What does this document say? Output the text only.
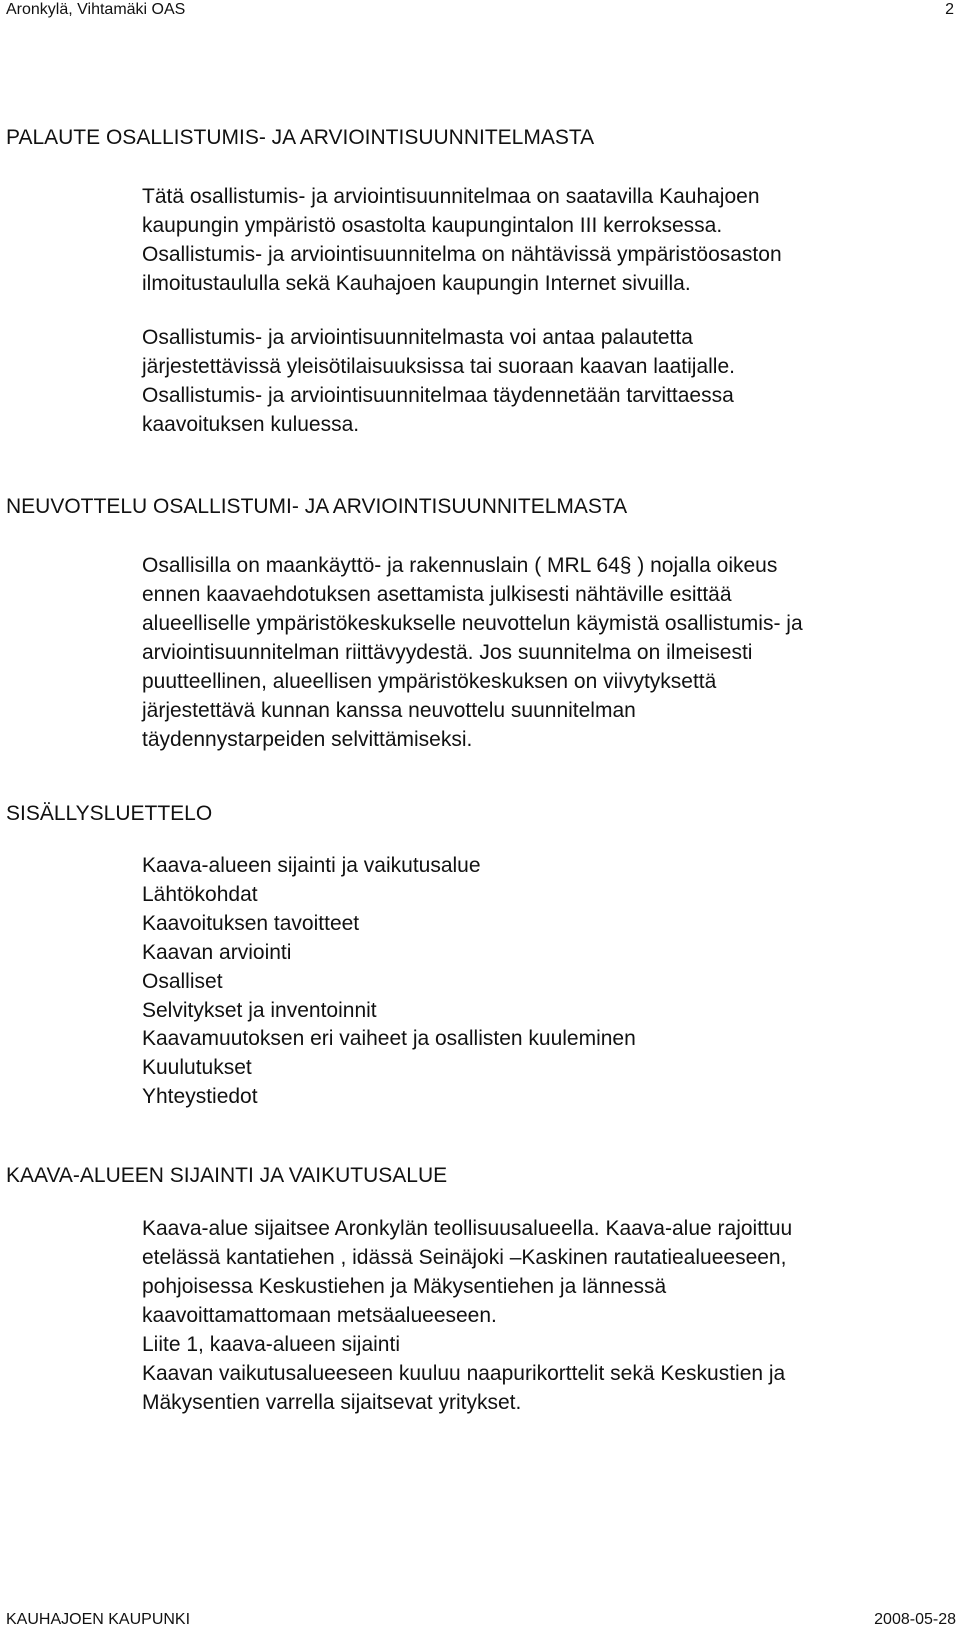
Aronkylä, Vihtamäki OAS	2
PALAUTE OSALLISTUMIS- JA ARVIOINTISUUNNITELMASTA

Tätä osallistumis- ja arviointisuunnitelmaa on saatavilla Kauhajoen

kaupungin ympäristö osastolta kaupungintalon III kerroksessa.

Osallistumis- ja arviointisuunnitelma on nähtävissä ympäristöosaston

ilmoitustaululla sekä Kauhajoen kaupungin Internet sivuilla.

Osallistumis- ja arviointisuunnitelmasta voi antaa palautetta

järjestettävissä yleisötilaisuuksissa tai suoraan kaavan laatijalle.

Osallistumis- ja arviointisuunnitelmaa täydennetään tarvittaessa

kaavoituksen kuluessa.

NEUVOTTELU OSALLISTUMI- JA ARVIOINTISUUNNITELMASTA

Osallisilla on maankäyttö- ja rakennuslain ( MRL 64§ ) nojalla oikeus

ennen kaavaehdotuksen asettamista julkisesti nähtäville esittää

alueelliselle ympäristökeskukselle neuvottelun käymistä osallistumis- ja

arviointisuunnitelman riittävyydestä. Jos suunnitelma on ilmeisesti

puutteellinen, alueellisen ympäristökeskuksen on viivytyksettä

järjestettävä kunnan kanssa neuvottelu suunnitelman

täydennystarpeiden selvittämiseksi.

SISÄLLYSLUETTELO
Kaava-alueen sijainti ja vaikutusalue
Lähtökohdat
Kaavoituksen tavoitteet
Kaavan arviointi
Osalliset
Selvitykset ja inventoinnit
Kaavamuutoksen eri vaiheet ja osallisten kuuleminen
Kuulutukset
Yhteystiedot
KAAVA-ALUEEN SIJAINTI JA VAIKUTUSALUE

Kaava-alue sijaitsee Aronkylän teollisuusalueella. Kaava-alue rajoittuu

etelässä kantatiehen , idässä Seinäjoki –Kaskinen rautatiealueeseen,

pohjoisessa Keskustiehen ja Mäkysentiehen ja lännessä

kaavoittamattomaan metsäalueeseen.

Liite 1, kaava-alueen sijainti

Kaavan vaikutusalueeseen kuuluu naapurikorttelit sekä Keskustien ja

Mäkysentien varrella sijaitsevat yritykset.

KAUHAJOEN KAUPUNKI	2008-05-28
